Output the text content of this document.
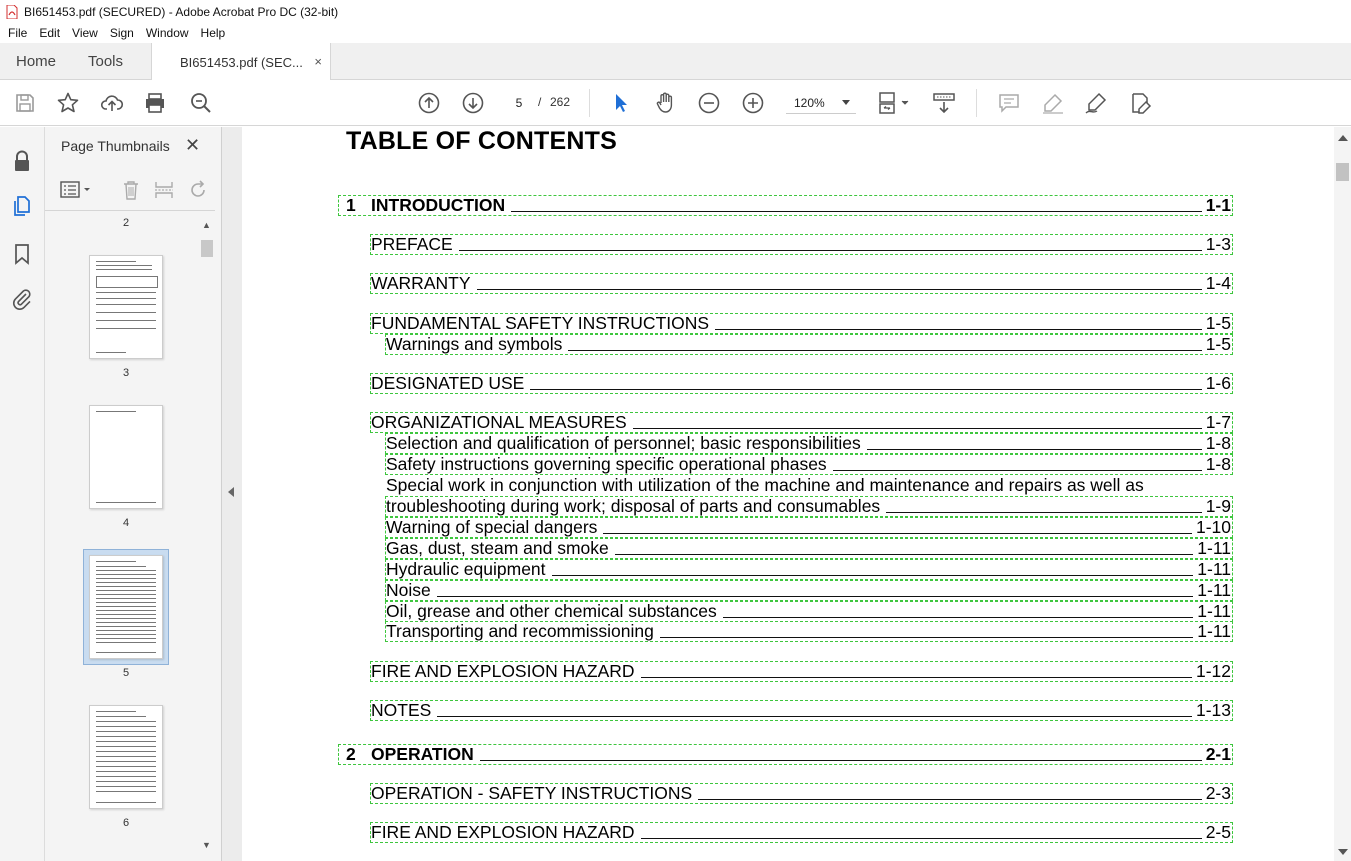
BI651453.pdf (SECURED) - Adobe Acrobat Pro DC (32-bit)
File	Edit	View	Sign	Window	Help
Home Tools	BI651453.pdf (SEC... ×
5
/ 262	120%
Page Thumbnails ✕
▲
▼
2
3
4
5
6
TABLE OF CONTENTS
1 INTRODUCTION	1-1
PREFACE	1-3
WARRANTY	1-4
FUNDAMENTAL SAFETY INSTRUCTIONS	1-5
Warnings and symbols	1-5
DESIGNATED USE	1-6
ORGANIZATIONAL MEASURES	1-7
Selection and qualification of personnel; basic responsibilities	1-8
Safety instructions governing specific operational phases	1-8
Special work in conjunction with utilization of the machine and maintenance and repairs as well as
troubleshooting during work; disposal of parts and consumables	1-9
Warning of special dangers	1-10
Gas, dust, steam and smoke	1-11
Hydraulic equipment	1-11
Noise	1-11
Oil, grease and other chemical substances	1-11
Transporting and recommissioning	1-11
FIRE AND EXPLOSION HAZARD	1-12
NOTES	1-13
2 OPERATION	2-1
OPERATION - SAFETY INSTRUCTIONS	2-3
FIRE AND EXPLOSION HAZARD	2-5
